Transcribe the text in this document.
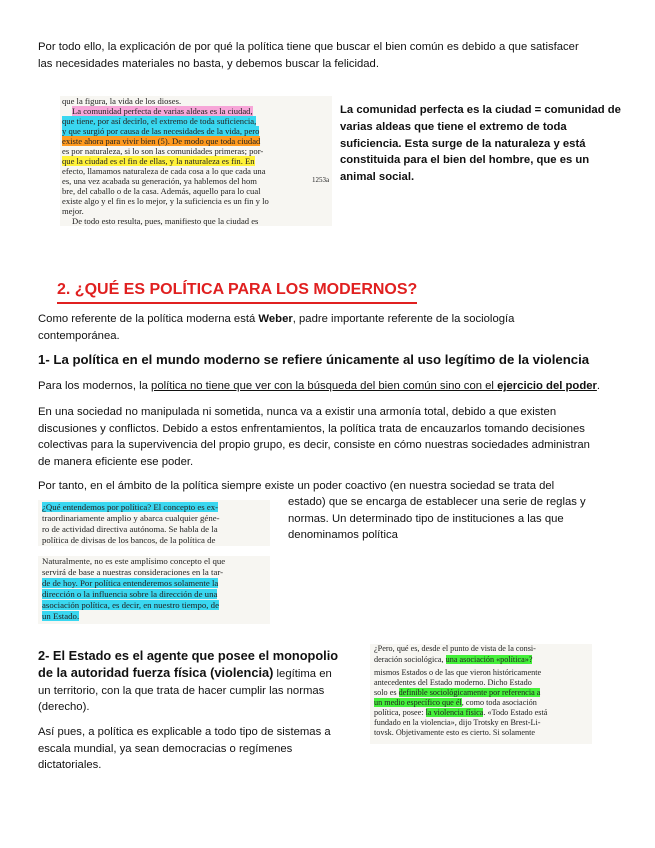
Por todo ello, la explicación de por qué la política tiene que buscar el bien común es debido a que satisfacer
las necesidades materiales no basta, y debemos buscar la felicidad.
que la figura, la vida de los dioses.
La comunidad perfecta de varias aldeas es la ciudad,
que tiene, por así decirlo, el extremo de toda suficiencia,
y que surgió por causa de las necesidades de la vida, pero
existe ahora para vivir bien (5). De modo que toda ciudad
es por naturaleza, si lo son las comunidades primeras; por-
que la ciudad es el fin de ellas, y la naturaleza es fin. En
efecto, llamamos naturaleza de cada cosa a lo que cada una
es, una vez acabada su generación, ya hablemos del hom
bre, del caballo o de la casa. Además, aquello para lo cual
existe algo y el fin es lo mejor, y la suficiencia es un fin y lo
mejor.
De todo esto resulta, pues, manifiesto que la ciudad es
1253a
La comunidad perfecta es la ciudad = comunidad de varias aldeas que tiene el extremo de toda suficiencia. Esta surge de la naturaleza y está constituida para el bien del hombre, que es un animal social.
2. ¿QUÉ ES POLÍTICA PARA LOS MODERNOS?
Como referente de la política moderna está Weber, padre importante referente de la sociología
contemporánea.
1- La política en el mundo moderno se refiere únicamente al uso legítimo de la violencia
Para los modernos, la política no tiene que ver con la búsqueda del bien común sino con el ejercicio del poder.
En una sociedad no manipulada ni sometida, nunca va a existir una armonía total, debido a que existen
discusiones y conflictos. Debido a estos enfrentamientos, la política trata de encauzarlos tomando decisiones
colectivas para la supervivencia del propio grupo, es decir, consiste en cómo nuestras sociedades administran
de manera eficiente ese poder.
Por tanto, en el ámbito de la política siempre existe un poder coactivo (en nuestra sociedad se trata del
estado) que se encarga de establecer una serie de reglas y
normas. Un determinado tipo de instituciones a las que
denominamos política
¿Qué entendemos por política? El concepto es ex-
traordinariamente amplio y abarca cualquier géne-
ro de actividad directiva autónoma. Se habla de la
política de divisas de los bancos, de la política de
Naturalmente, no es este amplísimo concepto el que
servirá de base a nuestras consideraciones en la tar-
de de hoy. Por política entenderemos solamente la
dirección o la influencia sobre la dirección de una
asociación política, es decir, en nuestro tiempo, de
un Estado.
2- El Estado es el agente que posee el monopolio
de la autoridad fuerza física (violencia) legítima en
un territorio, con la que trata de hacer cumplir las normas
(derecho).
Así pues, a política es explicable a todo tipo de sistemas a
escala mundial, ya sean democracias o regímenes
dictatoriales.
¿Pero, qué es, desde el punto de vista de la consi-
deración sociológica, una asociación «política»?
mismos Estados o de las que vieron históricamente
antecedentes del Estado moderno. Dicho Estado
solo es definible sociológicamente por referencia a
un medio específico que él, como toda asociación
política, posee: la violencia física. «Todo Estado está
fundado en la violencia», dijo Trotsky en Brest-Li-
tovsk. Objetivamente esto es cierto. Si solamente
